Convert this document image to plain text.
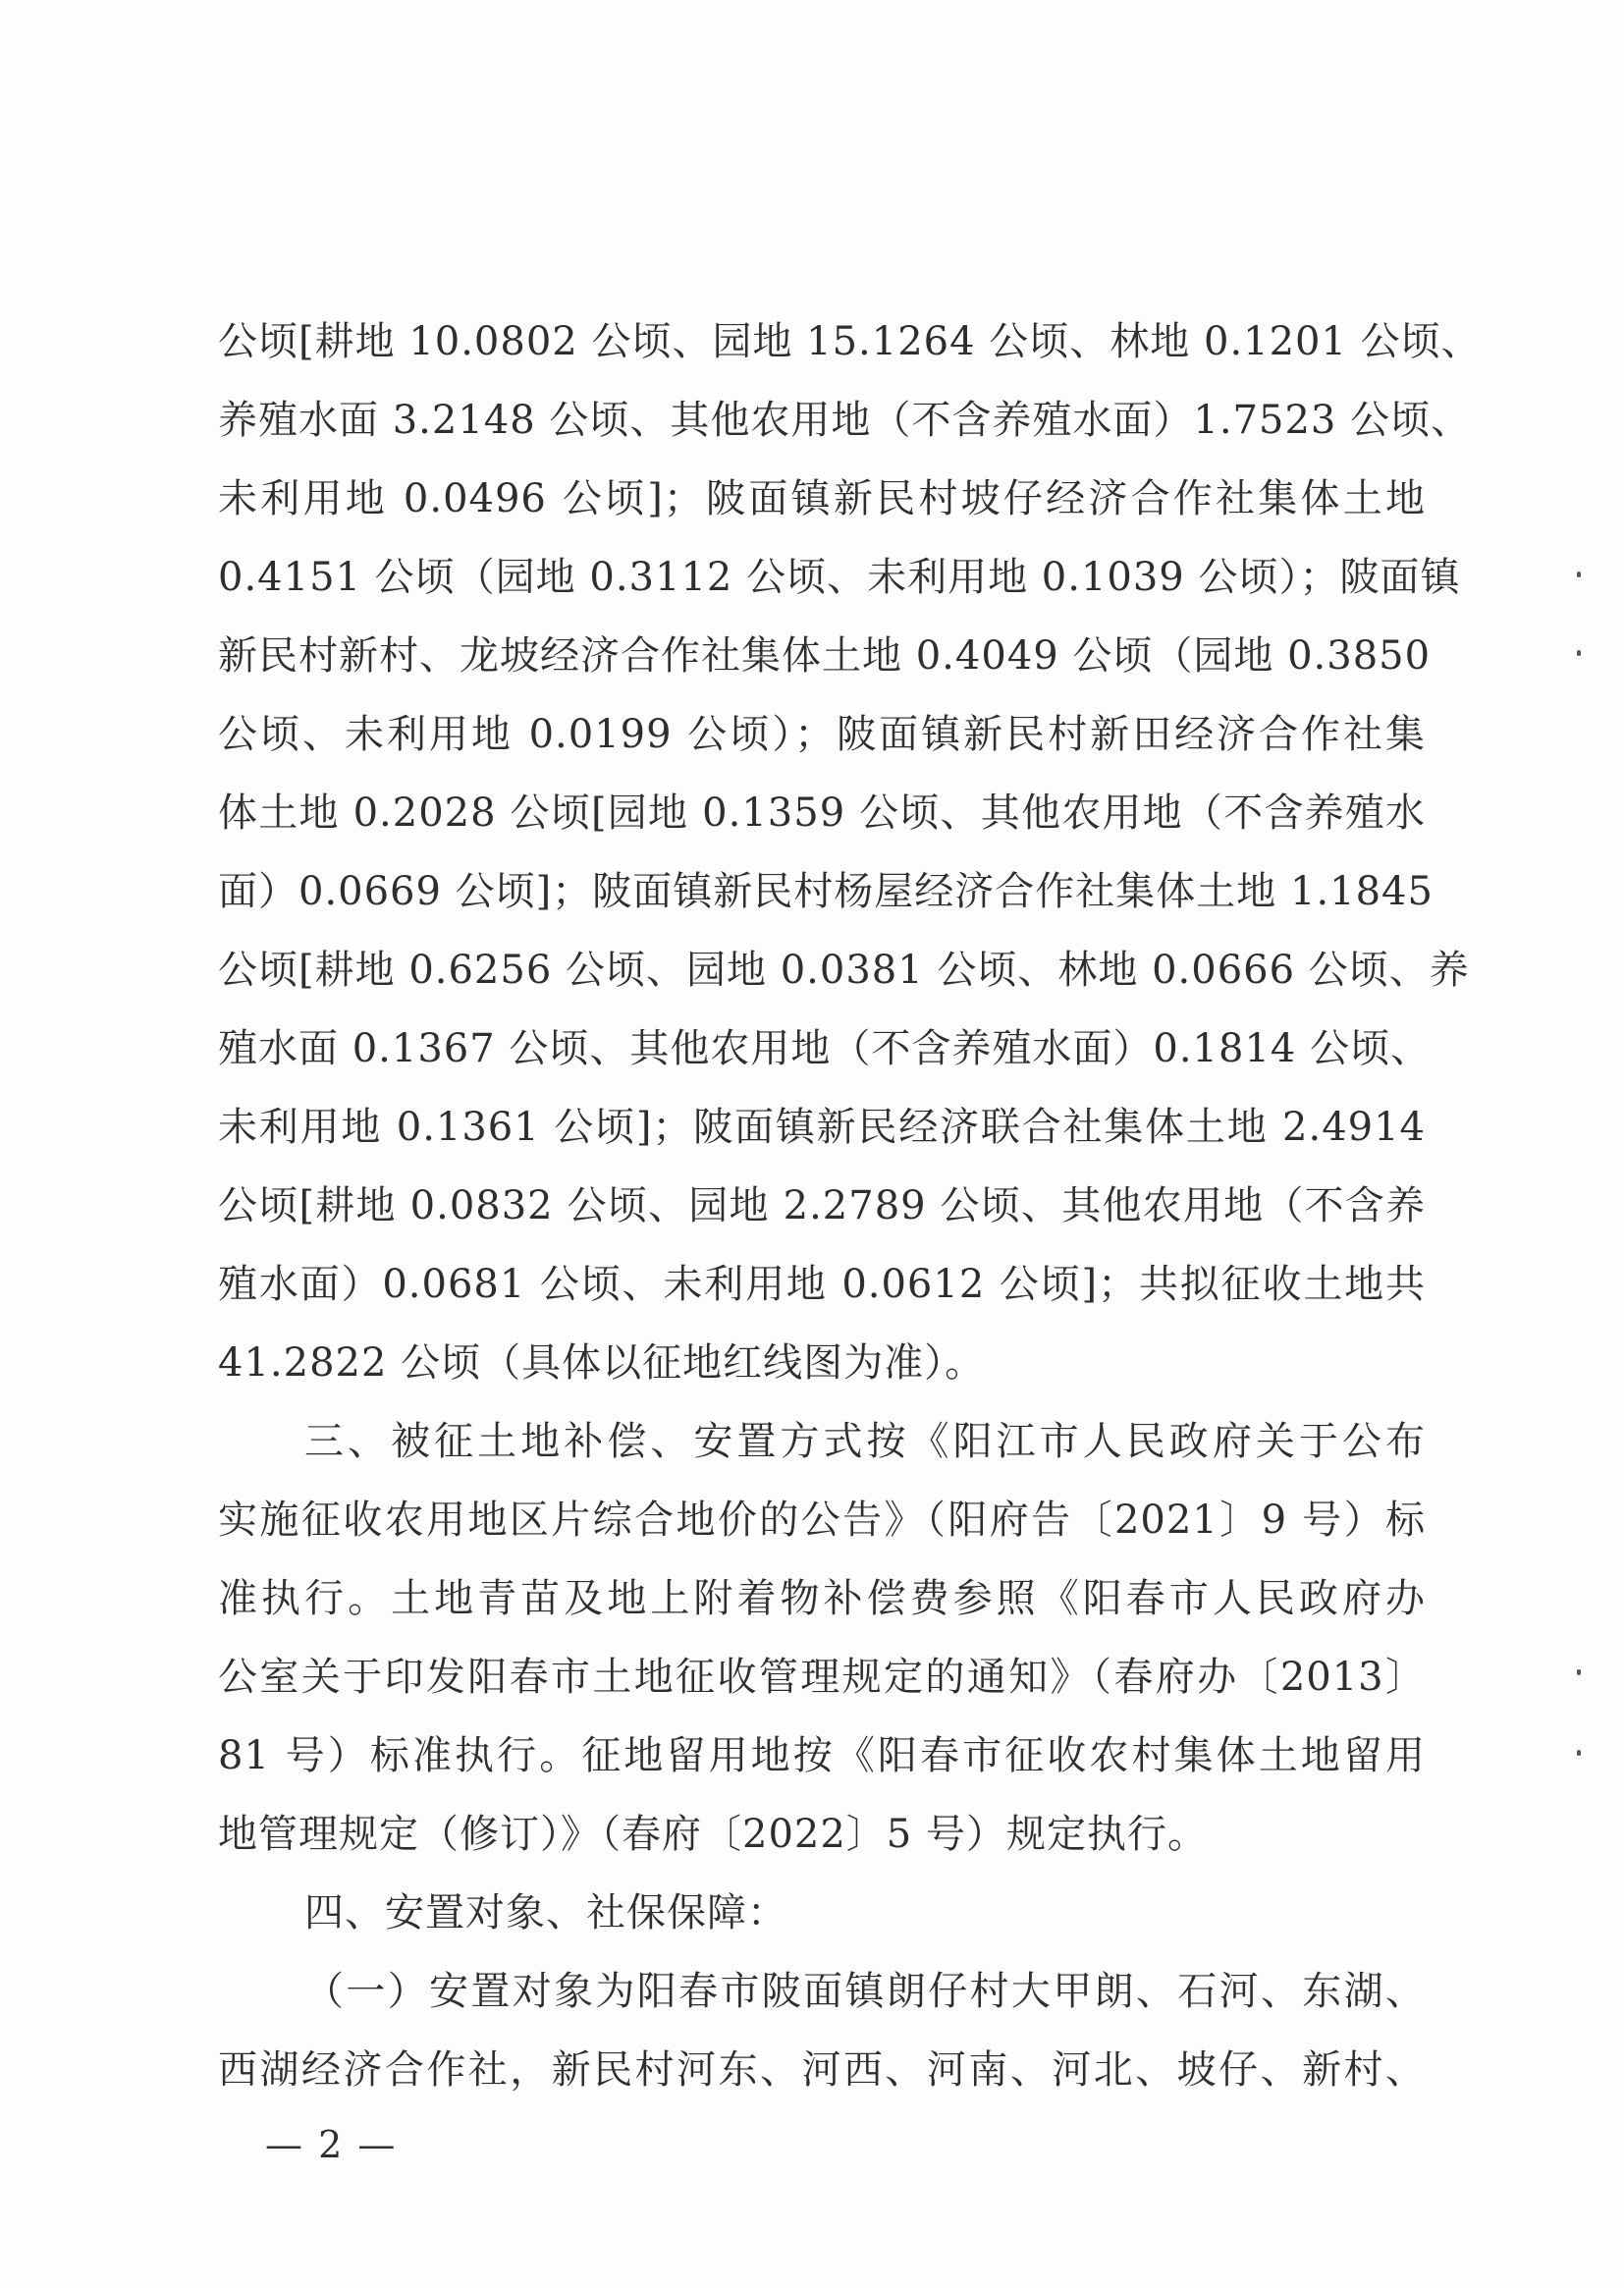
公顷[耕地 10.0802 公顷、园地 15.1264 公顷、林地 0.1201 公顷、
养殖水面 3.2148 公顷、其他农用地（不含养殖水面）1.7523 公顷、
未利用地 0.0496 公顷]；陂面镇新民村坡仔经济合作社集体土地
0.4151 公顷（园地 0.3112 公顷、未利用地 0.1039 公顷）；陂面镇
新民村新村、龙坡经济合作社集体土地 0.4049 公顷（园地 0.3850
公顷、未利用地 0.0199 公顷）；陂面镇新民村新田经济合作社集
体土地 0.2028 公顷[园地 0.1359 公顷、其他农用地（不含养殖水
面）0.0669 公顷]；陂面镇新民村杨屋经济合作社集体土地 1.1845
公顷[耕地 0.6256 公顷、园地 0.0381 公顷、林地 0.0666 公顷、养
殖水面 0.1367 公顷、其他农用地（不含养殖水面）0.1814 公顷、
未利用地 0.1361 公顷]；陂面镇新民经济联合社集体土地 2.4914
公顷[耕地 0.0832 公顷、园地 2.2789 公顷、其他农用地（不含养
殖水面）0.0681 公顷、未利用地 0.0612 公顷]；共拟征收土地共
41.2822 公顷（具体以征地红线图为准）。
三、被征土地补偿、安置方式按《阳江市人民政府关于公布
实施征收农用地区片综合地价的公告》（阳府告〔2021〕9 号）标
准执行。土地青苗及地上附着物补偿费参照《阳春市人民政府办
公室关于印发阳春市土地征收管理规定的通知》（春府办〔2013〕
81 号）标准执行。征地留用地按《阳春市征收农村集体土地留用
地管理规定（修订）》（春府〔2022〕5 号）规定执行。
四、安置对象、社保保障：
（一）安置对象为阳春市陂面镇朗仔村大甲朗、石河、东湖、
西湖经济合作社，新民村河东、河西、河南、河北、坡仔、新村、
— 2 —
